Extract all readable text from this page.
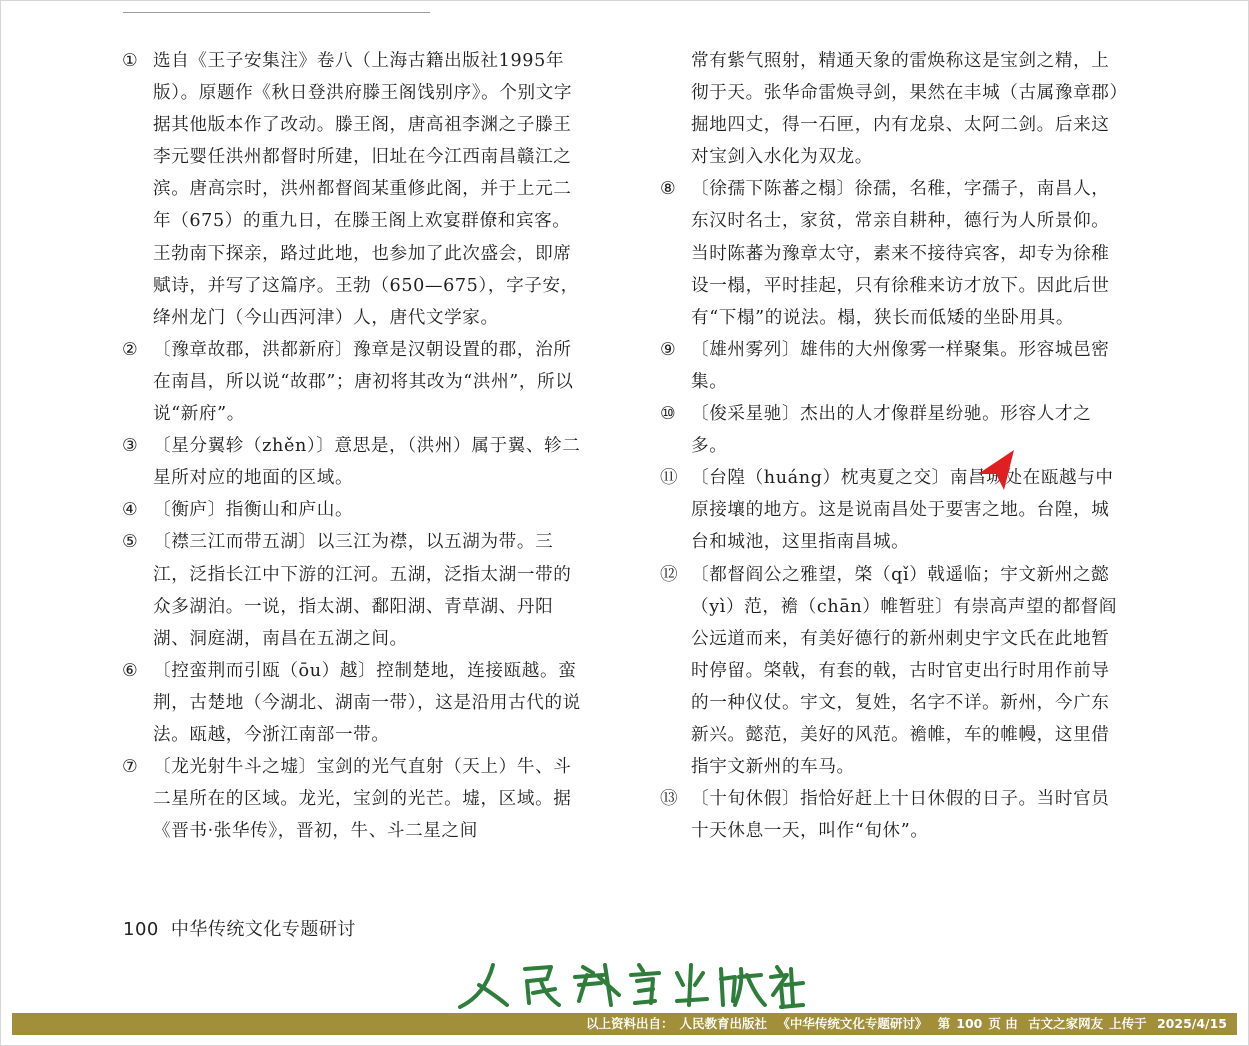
① 选自《王子安集注》卷八（上海古籍出版社1995年版）。原题作《秋日登洪府滕王阁饯别序》。个别文字据其他版本作了改动。滕王阁，唐高祖李渊之子滕王李元婴任洪州都督时所建，旧址在今江西南昌赣江之滨。唐高宗时，洪州都督阎某重修此阁，并于上元二年（675）的重九日，在滕王阁上欢宴群僚和宾客。王勃南下探亲，路过此地，也参加了此次盛会，即席赋诗，并写了这篇序。王勃（650—675），字子安，绛州龙门（今山西河津）人，唐代文学家。

② 〔豫章故郡，洪都新府〕豫章是汉朝设置的郡，治所在南昌，所以说“故郡”；唐初将其改为“洪州”，所以说“新府”。

③ 〔星分翼轸（zhěn）〕意思是，（洪州）属于翼、轸二星所对应的地面的区域。

④ 〔衡庐〕指衡山和庐山。

⑤ 〔襟三江而带五湖〕以三江为襟，以五湖为带。三江，泛指长江中下游的江河。五湖，泛指太湖一带的众多湖泊。一说，指太湖、鄱阳湖、青草湖、丹阳湖、洞庭湖，南昌在五湖之间。

⑥ 〔控蛮荆而引瓯（ōu）越〕控制楚地，连接瓯越。蛮荆，古楚地（今湖北、湖南一带），这是沿用古代的说法。瓯越，今浙江南部一带。

⑦ 〔龙光射牛斗之墟〕宝剑的光气直射（天上）牛、斗二星所在的区域。龙光，宝剑的光芒。墟，区域。据《晋书·张华传》，晋初，牛、斗二星之间

常有紫气照射，精通天象的雷焕称这是宝剑之精，上彻于天。张华命雷焕寻剑，果然在丰城（古属豫章郡）掘地四丈，得一石匣，内有龙泉、太阿二剑。后来这对宝剑入水化为双龙。

⑧ 〔徐孺下陈蕃之榻〕徐孺，名稚，字孺子，南昌人，东汉时名士，家贫，常亲自耕种，德行为人所景仰。当时陈蕃为豫章太守，素来不接待宾客，却专为徐稚设一榻，平时挂起，只有徐稚来访才放下。因此后世有“下榻”的说法。榻，狭长而低矮的坐卧用具。

⑨ 〔雄州雾列〕雄伟的大州像雾一样聚集。形容城邑密集。

⑩ 〔俊采星驰〕杰出的人才像群星纷驰。形容人才之多。

⑪ 〔台隍（huáng）枕夷夏之交〕南昌城处在瓯越与中原接壤的地方。这是说南昌处于要害之地。台隍，城台和城池，这里指南昌城。

⑫ 〔都督阎公之雅望，棨（qǐ）戟遥临；宇文新州之懿（yì）范，襜（chān）帷暂驻〕有崇高声望的都督阎公远道而来，有美好德行的新州刺史宇文氏在此地暂时停留。棨戟，有套的戟，古时官吏出行时用作前导的一种仪仗。宇文，复姓，名字不详。新州，今广东新兴。懿范，美好的风范。襜帷，车的帷幔，这里借指宇文新州的车马。

⑬ 〔十旬休假〕指恰好赶上十日休假的日子。当时官员十天休息一天，叫作“旬休”。

100 中华传统文化专题研讨
以上资料出自： 人民教育出版社 《中华传统文化专题研讨》 第 100 页 由 古文之家网友 上传于 2025/4/15
